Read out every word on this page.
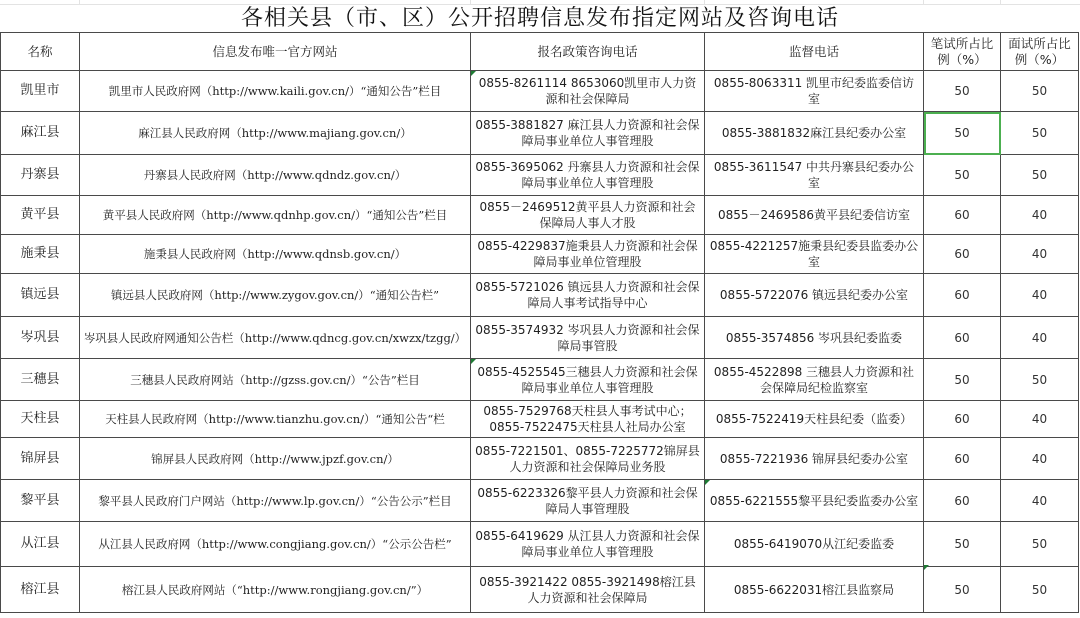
各相关县（市、区）公开招聘信息发布指定网站及咨询电话
名称	信息发布唯一官方网站	报名政策咨询电话	监督电话	笔试所占比例（%）	面试所占比例（%）
凯里市	凯里市人民政府网（http://www.kaili.gov.cn/）“通知公告”栏目	0855-8261114 8653060凯里市人力资源和社会保障局	0855-8063311 凯里市纪委监委信访室	50	50
麻江县	麻江县人民政府网（http://www.majiang.gov.cn/）	0855-3881827 麻江县人力资源和社会保障局事业单位人事管理股	0855-3881832麻江县纪委办公室	50	50
丹寨县	丹寨县人民政府网（http://www.qdndz.gov.cn/）	0855-3695062 丹寨县人力资源和社会保障局事业单位人事管理股	0855-3611547 中共丹寨县纪委办公室	50	50
黄平县	黄平县人民政府网（http://www.qdnhp.gov.cn/）“通知公告”栏目	0855－2469512黄平县人力资源和社会保障局人事人才股	0855－2469586黄平县纪委信访室	60	40
施秉县	施秉县人民政府网（http://www.qdnsb.gov.cn/）	0855-4229837施秉县人力资源和社会保障局事业单位管理股	0855-4221257施秉县纪委县监委办公室	60	40
镇远县	镇远县人民政府网（http://www.zygov.gov.cn/）“通知公告栏”	0855-5721026 镇远县人力资源和社会保障局人事考试指导中心	0855-5722076 镇远县纪委办公室	60	40
岑巩县	岑巩县人民政府网通知公告栏（http://www.qdncg.gov.cn/xwzx/tzgg/）	0855-3574932 岑巩县人力资源和社会保障局事管股	0855-3574856 岑巩县纪委监委	60	40
三穗县	三穗县人民政府网站（http://gzss.gov.cn/）“公告”栏目	0855-4525545三穗县人力资源和社会保障局事业单位人事管理股	0855-4522898 三穗县人力资源和社会保障局纪检监察室	50	50
天柱县	天柱县人民政府网（http://www.tianzhu.gov.cn/）“通知公告“栏	0855-7529768天柱县人事考试中心；0855-7522475天柱县人社局办公室	0855-7522419天柱县纪委（监委）	60	40
锦屏县	锦屏县人民政府网（http://www.jpzf.gov.cn/）	0855-7221501、0855-7225772锦屏县人力资源和社会保障局业务股	0855-7221936 锦屏县纪委办公室	60	40
黎平县	黎平县人民政府门户网站（http://www.lp.gov.cn/）“公告公示”栏目	0855-6223326黎平县人力资源和社会保障局人事管理股	0855-6221555黎平县纪委监委办公室	60	40
从江县	从江县人民政府网（http://www.congjiang.gov.cn/）“公示公告栏”	0855-6419629 从江县人力资源和社会保障局事业单位人事管理股	0855-6419070从江纪委监委	50	50
榕江县	榕江县人民政府网站（“http://www.rongjiang.gov.cn/”）	0855-3921422 0855-3921498榕江县人力资源和社会保障局	0855-6622031榕江县监察局	50	50
